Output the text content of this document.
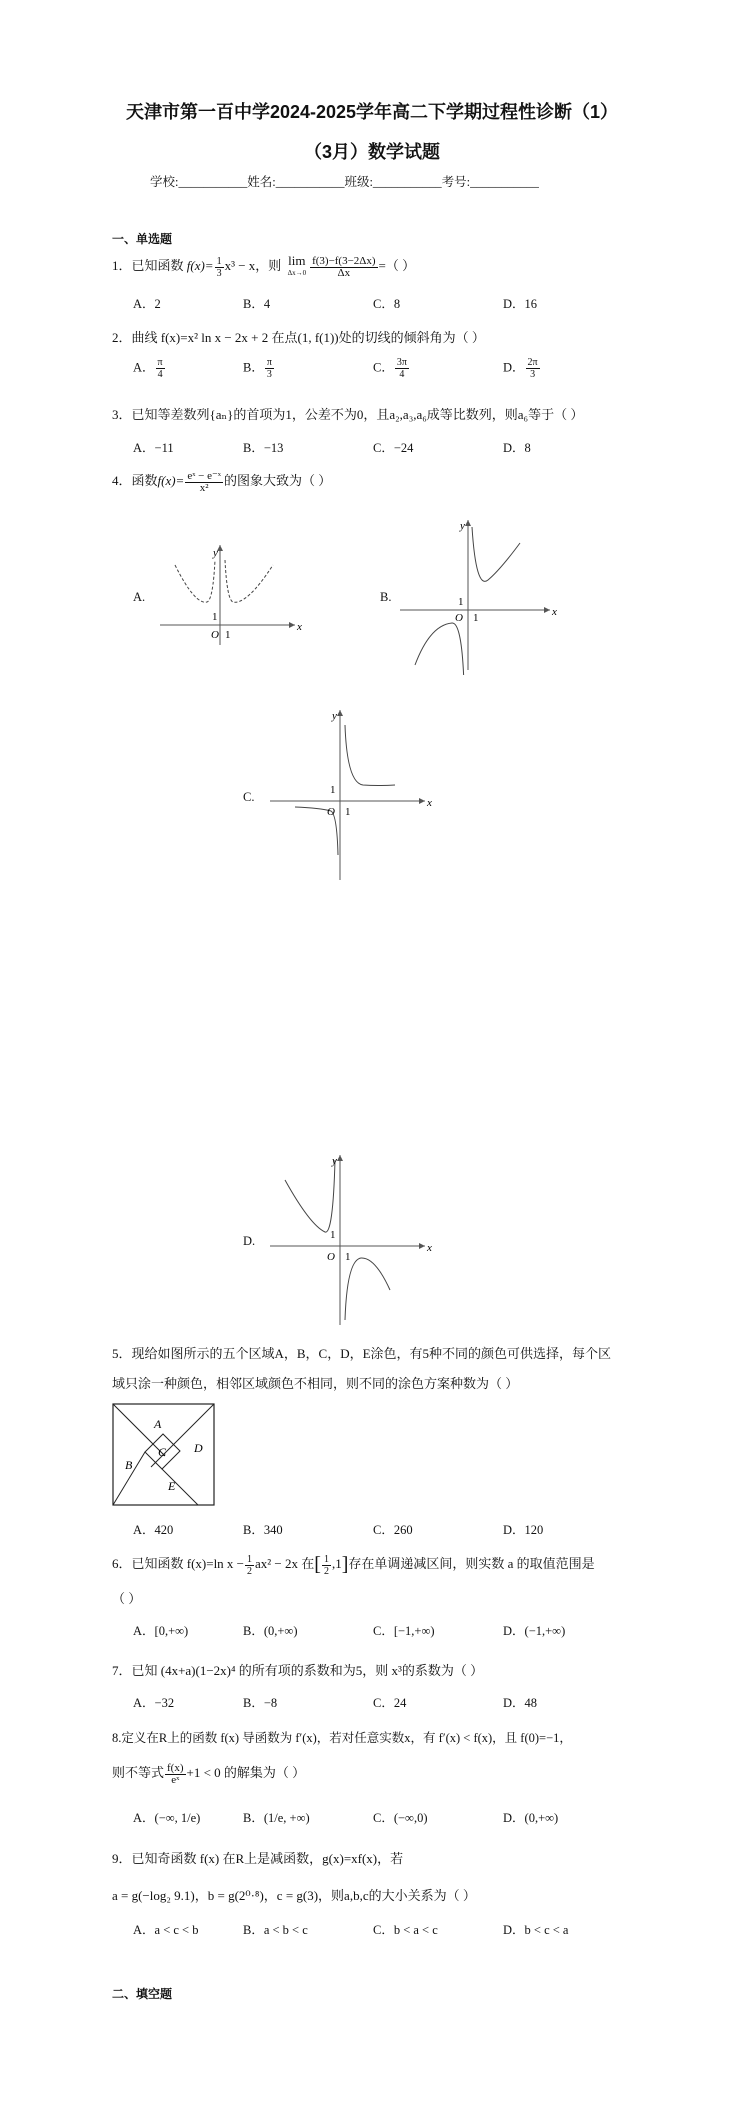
天津市第一百中学2024-2025学年高二下学期过程性诊断（1）
（3月）数学试题
学校:___________姓名:___________班级:___________考号:___________
一、单选题
1．已知函数 $f(x)= \frac{1}{3} x^3 - x$，则 lim
$\Delta x\to 0 \frac{f(3)-f(3-2\Delta x)}{\Delta x}$ =（ ）
A．2	B．4	C．8	D．16
2．曲线 f(x)=x² ln x − 2x + 2 在点(1, f(1))处的切线的倾斜角为（ ）
A． $\frac{\pi}{4}$	B． $\frac{\pi}{3}$	C． $\frac{3\pi}{4}$	D． $\frac{2\pi}{3}$
3．已知等差数列{aₙ}的首项为1，公差不为0，且a₂,a₃,a₆成等比数列，则a₆等于（ ）
A．−11	B．−13	C．−24	D．8
4．函数$f(x)= \frac{\text{eˣ − e⁻ˣ}}{\text{x²}}$ 的图象大致为（ ）
A.
y
x
O 1
1
B.
y
x
O 1
1
C.
y
x
O 1
1
D.
y
x
O 1
1
5．现给如图所示的五个区域A，B，C，D，E涂色，有5种不同的颜色可供选择，每个区
域只涂一种颜色，相邻区域颜色不相同，则不同的涂色方案种数为（ ）
A
B
C D
E
A．420	B．340	C．260	D．120
6．已知函数 f(x)=ln $x - \frac{1}{2} ax^2 - 2x$ 在[ $\frac{1}{2} ,1$]存在单调递减区间，则实数 a 的取值范围是
（ ）
A．[0,+∞)	B．(0,+∞)	C．[−1,+∞)	D．(−1,+∞)
7．已知 (4x+a)(1−2x)⁴ 的所有项的系数和为5，则 x³的系数为（ ）
A．−32	B．−8	C．24	D．48
8.定义在R上的函数 f(x) 导函数为 f′(x)，若对任意实数x，有 f′(x) < f(x)，且 f(0)=−1，
则不等式 $\frac{f(x)}{\text{eˣ}} +1 < 0$ 的解集为（ ）
A．(−∞, 1/e)	B．(1/e, +∞)	C．(−∞,0)	D．(0,+∞)
9．已知奇函数 f(x) 在R上是减函数，g(x)=xf(x)，若
a = g(−log₂ 9.1)，b = g(2⁰·⁸)，c = g(3)，则a,b,c的大小关系为（ ）
A．a < c < b	B．a < b < c	C．b < a < c	D．b < c < a
二、填空题
